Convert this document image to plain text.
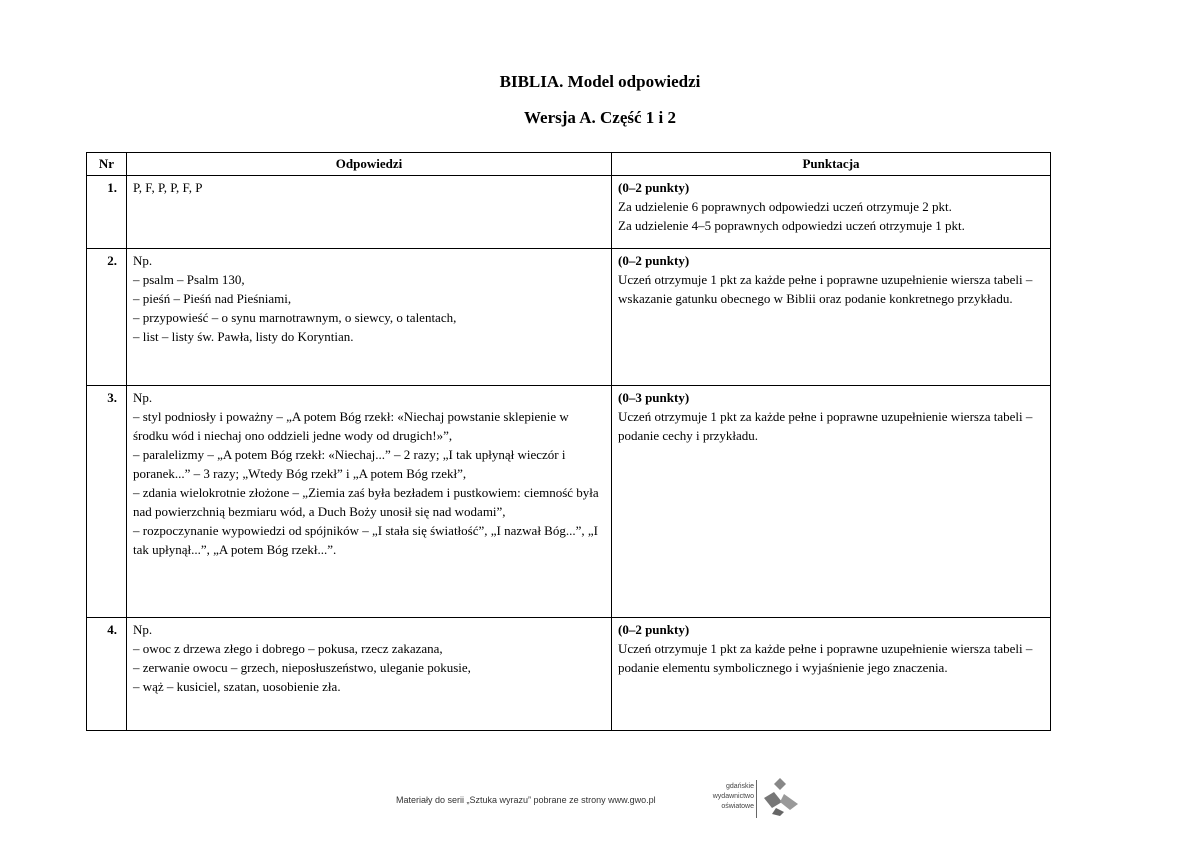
BIBLIA. Model odpowiedzi
Wersja A. Część 1 i 2
Nr	Odpowiedzi	Punktacja
1.	P, F, P, P, F, P	(0–2 punkty)
Za udzielenie 6 poprawnych odpowiedzi uczeń otrzymuje 2 pkt.
Za udzielenie 4–5 poprawnych odpowiedzi uczeń otrzymuje 1 pkt.

2.	Np.
– psalm – Psalm 130,
– pieśń – Pieśń nad Pieśniami,
– przypowieść – o synu marnotrawnym, o siewcy, o talentach,
– list – listy św. Pawła, listy do Koryntian.	(0–2 punkty)
Uczeń otrzymuje 1 pkt za każde pełne i poprawne uzupełnienie wiersza tabeli – wskazanie gatunku obecnego w Biblii oraz podanie konkretnego przykładu.

3.	Np.
– styl podniosły i poważny – „A potem Bóg rzekł: «Niechaj powstanie sklepienie w środku wód i niechaj ono oddzieli jedne wody od drugich!»”,
– paralelizmy – „A potem Bóg rzekł: «Niechaj...” – 2 razy; „I tak upłynął wieczór i poranek...” – 3 razy; „Wtedy Bóg rzekł” i „A potem Bóg rzekł”,
– zdania wielokrotnie złożone – „Ziemia zaś była bezładem i pustkowiem: ciemność była nad powierzchnią bezmiaru wód, a Duch Boży unosił się nad wodami”,
– rozpoczynanie wypowiedzi od spójników – „I stała się światłość”, „I nazwał Bóg...”, „I tak upłynął...”, „A potem Bóg rzekł...”.	(0–3 punkty)
Uczeń otrzymuje 1 pkt za każde pełne i poprawne uzupełnienie wiersza tabeli – podanie cechy i przykładu.

4.	Np.
– owoc z drzewa złego i dobrego – pokusa, rzecz zakazana,
– zerwanie owocu – grzech, nieposłuszeństwo, uleganie pokusie,
– wąż – kusiciel, szatan, uosobienie zła.	(0–2 punkty)
Uczeń otrzymuje 1 pkt za każde pełne i poprawne uzupełnienie wiersza tabeli – podanie elementu symbolicznego i wyjaśnienie jego znaczenia.
Materiały do serii „Sztuka wyrazu” pobrane ze strony www.gwo.pl
gdańskie
wydawnictwo
oświatowe
